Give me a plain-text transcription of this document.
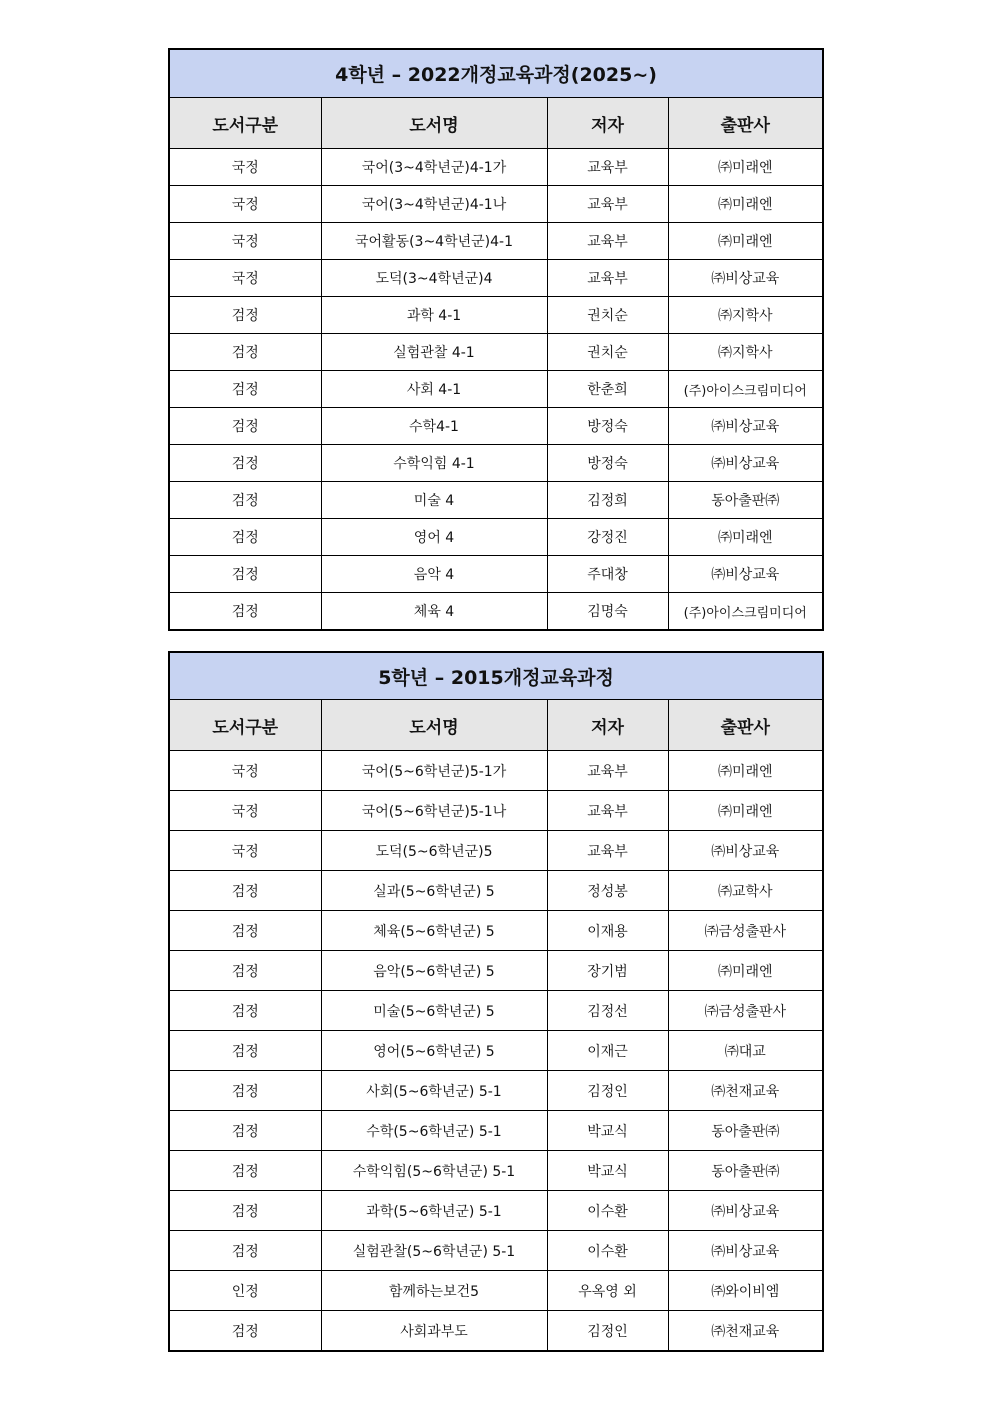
4학년 – 2022개정교육과정(2025~)			
도서구분	도서명	저자	출판사
국정	국어(3~4학년군)4-1가	교육부	㈜미래엔
국정	국어(3~4학년군)4-1나	교육부	㈜미래엔
국정	국어활동(3~4학년군)4-1	교육부	㈜미래엔
국정	도덕(3~4학년군)4	교육부	㈜비상교육
검정	과학 4-1	권치순	㈜지학사
검정	실험관찰 4-1	권치순	㈜지학사
검정	사회 4-1	한춘희	(주)아이스크림미디어
검정	수학4-1	방정숙	㈜비상교육
검정	수학익힘 4-1	방정숙	㈜비상교육
검정	미술 4	김정희	동아출판㈜
검정	영어 4	강정진	㈜미래엔
검정	음악 4	주대창	㈜비상교육
검정	체육 4	김명숙	(주)아이스크림미디어
5학년 – 2015개정교육과정			
도서구분	도서명	저자	출판사
국정	국어(5~6학년군)5-1가	교육부	㈜미래엔
국정	국어(5~6학년군)5-1나	교육부	㈜미래엔
국정	도덕(5~6학년군)5	교육부	㈜비상교육
검정	실과(5~6학년군) 5	정성봉	㈜교학사
검정	체육(5~6학년군) 5	이재용	㈜금성출판사
검정	음악(5~6학년군) 5	장기범	㈜미래엔
검정	미술(5~6학년군) 5	김정선	㈜금성출판사
검정	영어(5~6학년군) 5	이재근	㈜대교
검정	사회(5~6학년군) 5-1	김정인	㈜천재교육
검정	수학(5~6학년군) 5-1	박교식	동아출판㈜
검정	수학익힘(5~6학년군) 5-1	박교식	동아출판㈜
검정	과학(5~6학년군) 5-1	이수환	㈜비상교육
검정	실험관찰(5~6학년군) 5-1	이수환	㈜비상교육
인정	함께하는보건5	우옥영 외	㈜와이비엠
검정	사회과부도	김정인	㈜천재교육
